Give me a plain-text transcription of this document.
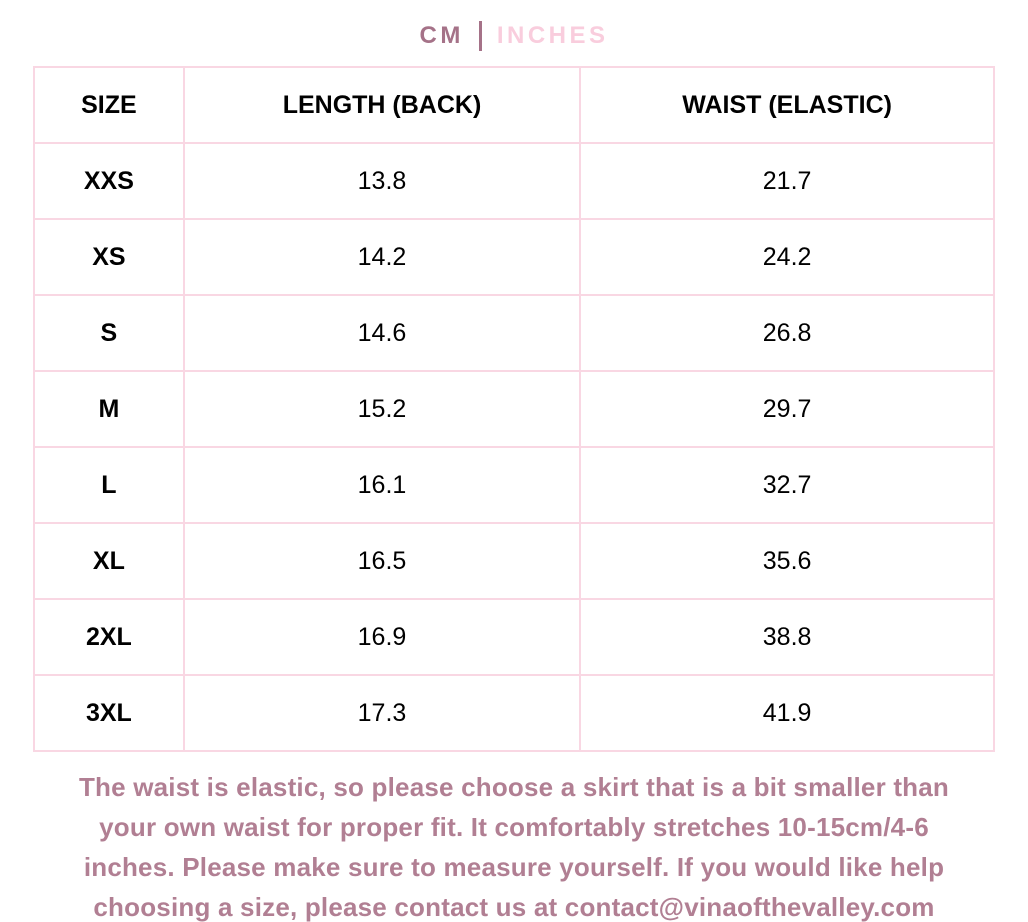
CM INCHES
SIZE	LENGTH (BACK)	WAIST (ELASTIC)
XXS	13.8	21.7
XS	14.2	24.2
S	14.6	26.8
M	15.2	29.7
L	16.1	32.7
XL	16.5	35.6
2XL	16.9	38.8
3XL	17.3	41.9
The waist is elastic, so please choose a skirt that is a bit smaller than
your own waist for proper fit. It comfortably stretches 10-15cm/4-6
inches. Please make sure to measure yourself. If you would like help
choosing a size, please contact us at contact@vinaofthevalley.com
